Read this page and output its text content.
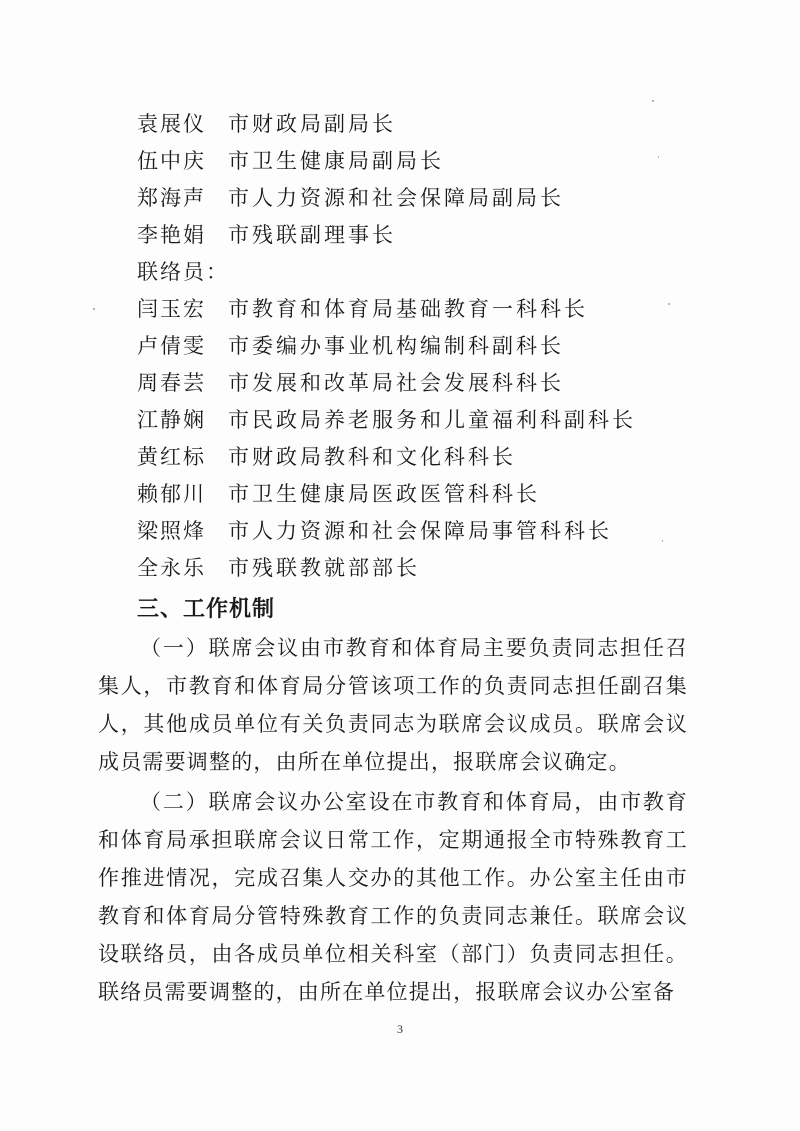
袁展仪	市财政局副局长
伍中庆	市卫生健康局副局长
郑海声	市人力资源和社会保障局副局长
李艳娟	市残联副理事长
联络员：
闫玉宏	市教育和体育局基础教育一科科长
卢倩雯	市委编办事业机构编制科副科长
周春芸	市发展和改革局社会发展科科长
江静娴	市民政局养老服务和儿童福利科副科长
黄红标	市财政局教科和文化科科长
赖郁川	市卫生健康局医政医管科科长
梁照烽	市人力资源和社会保障局事管科科长
全永乐	市残联教就部部长
三、工作机制

（一）联席会议由市教育和体育局主要负责同志担任召集人，市教育和体育局分管该项工作的负责同志担任副召集人，其他成员单位有关负责同志为联席会议成员。联席会议成员需要调整的，由所在单位提出，报联席会议确定。

（二）联席会议办公室设在市教育和体育局，由市教育和体育局承担联席会议日常工作，定期通报全市特殊教育工作推进情况，完成召集人交办的其他工作。办公室主任由市教育和体育局分管特殊教育工作的负责同志兼任。联席会议设联络员，由各成员单位相关科室（部门）负责同志担任。联络员需要调整的，由所在单位提出，报联席会议办公室备

3
